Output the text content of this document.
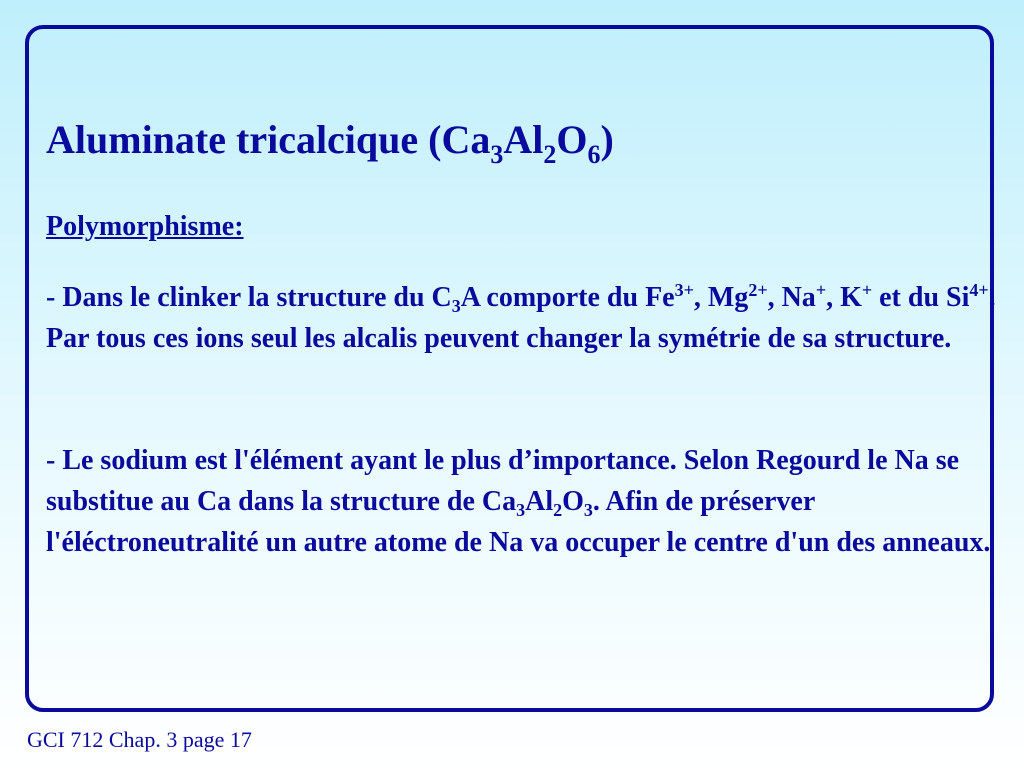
Aluminate tricalcique $(Ca_3Al_2O_6)$
Polymorphisme:

- Dans le clinker la structure du $C_3A$ comporte du $Fe^{3+}$, $Mg^{2+}$, Na+, K+ et du $Si^{4+}$. Par tous ces ions seul les alcalis peuvent changer la symétrie de sa structure.

- Le sodium est l'élément ayant le plus d’importance. Selon Regourd le Na se substitue au Ca dans la structure de $Ca_3Al_2O_3$. Afin de préserver l'éléctroneutralité un autre atome de Na va occuper le centre d'un des anneaux.

GCI 712 Chap. 3 page 17
